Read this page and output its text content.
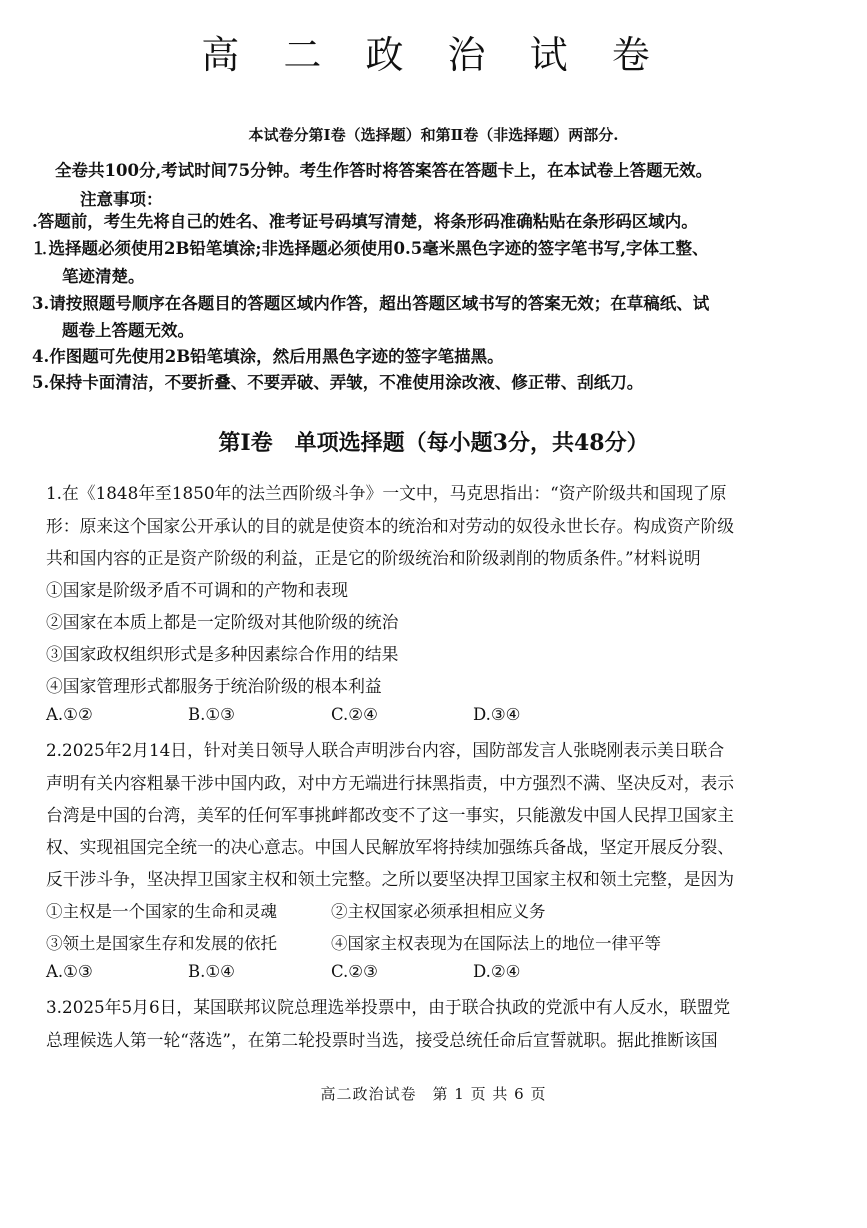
高 二 政 治 试 卷
本试卷分第Ⅰ卷（选择题）和第Ⅱ卷（非选择题）两部分.
全卷共100分,考试时间75分钟。考生作答时将答案答在答题卡上，在本试卷上答题无效。
注意事项：
.答题前，考生先将自己的姓名、准考证号码填写清楚，将条形码准确粘贴在条形码区域内。
⒈选择题必须使用2B铅笔填涂;非选择题必须使用0.5毫米黑色字迹的签字笔书写,字体工整、
笔迹清楚。
3.请按照题号顺序在各题目的答题区域内作答，超出答题区域书写的答案无效；在草稿纸、试
题卷上答题无效。
4.作图题可先使用2B铅笔填涂，然后用黑色字迹的签字笔描黑。
5.保持卡面清洁，不要折叠、不要弄破、弄皱，不准使用涂改液、修正带、刮纸刀。
第Ⅰ卷　单项选择题（每小题3分，共48分）
1.在《1848年至1850年的法兰西阶级斗争》一文中，马克思指出：“资产阶级共和国现了原
形：原来这个国家公开承认的目的就是使资本的统治和对劳动的奴役永世长存。构成资产阶级
共和国内容的正是资产阶级的利益，正是它的阶级统治和阶级剥削的物质条件。”材料说明
①国家是阶级矛盾不可调和的产物和表现
②国家在本质上都是一定阶级对其他阶级的统治
③国家政权组织形式是多种因素综合作用的结果
④国家管理形式都服务于统治阶级的根本利益
A.①②	B.①③	C.②④	D.③④
2.2025年2月14日，针对美日领导人联合声明涉台内容，国防部发言人张晓刚表示美日联合
声明有关内容粗暴干涉中国内政，对中方无端进行抹黑指责，中方强烈不满、坚决反对，表示
台湾是中国的台湾，美军的任何军事挑衅都改变不了这一事实，只能激发中国人民捍卫国家主
权、实现祖国完全统一的决心意志。中国人民解放军将持续加强练兵备战，坚定开展反分裂、
反干涉斗争，坚决捍卫国家主权和领土完整。之所以要坚决捍卫国家主权和领土完整，是因为
①主权是一个国家的生命和灵魂	②主权国家必须承担相应义务
③领土是国家生存和发展的依托	④国家主权表现为在国际法上的地位一律平等
A.①③	B.①④	C.②③	D.②④
3.2025年5月6日，某国联邦议院总理选举投票中，由于联合执政的党派中有人反水，联盟党
总理候选人第一轮“落选”，在第二轮投票时当选，接受总统任命后宣誓就职。据此推断该国
高二政治试卷　第 1 页 共 6 页
